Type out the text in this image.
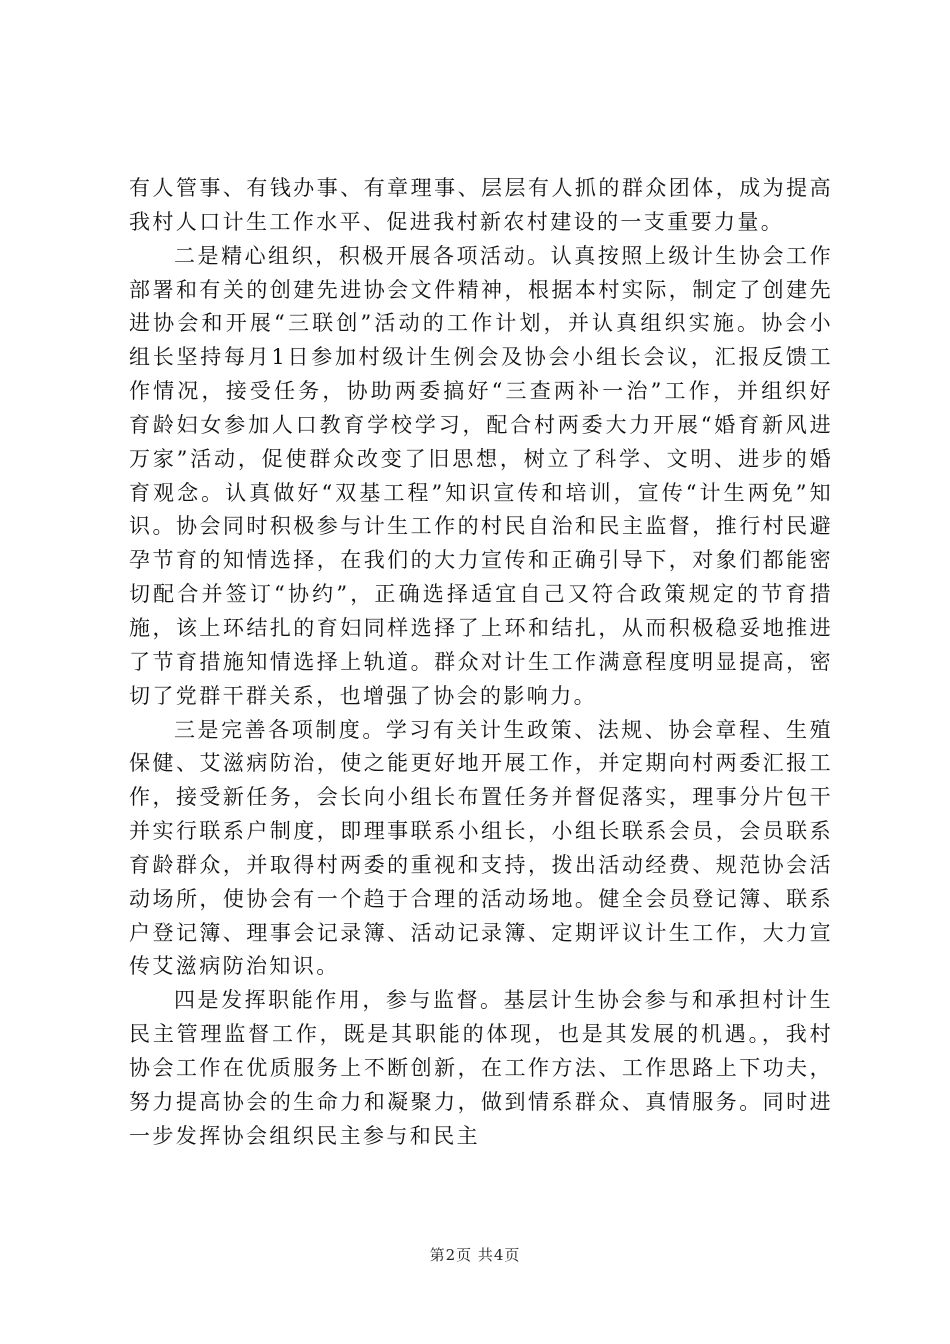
有人管事、有钱办事、有章理事、层层有人抓的群众团体，成为提高我村人口计生工作水平、促进我村新农村建设的一支重要力量。

二是精心组织，积极开展各项活动。认真按照上级计生协会工作部署和有关的创建先进协会文件精神，根据本村实际，制定了创建先进协会和开展“三联创”活动的工作计划，并认真组织实施。协会小组长坚持每月1日参加村级计生例会及协会小组长会议，汇报反馈工作情况，接受任务，协助两委搞好“三查两补一治”工作，并组织好育龄妇女参加人口教育学校学习，配合村两委大力开展“婚育新风进万家”活动，促使群众改变了旧思想，树立了科学、文明、进步的婚育观念。认真做好“双基工程”知识宣传和培训，宣传“计生两免”知识。协会同时积极参与计生工作的村民自治和民主监督，推行村民避孕节育的知情选择，在我们的大力宣传和正确引导下，对象们都能密切配合并签订“协约”，正确选择适宜自己又符合政策规定的节育措施，该上环结扎的育妇同样选择了上环和结扎，从而积极稳妥地推进了节育措施知情选择上轨道。群众对计生工作满意程度明显提高，密切了党群干群关系，也增强了协会的影响力。

三是完善各项制度。学习有关计生政策、法规、协会章程、生殖保健、艾滋病防治，使之能更好地开展工作，并定期向村两委汇报工作，接受新任务，会长向小组长布置任务并督促落实，理事分片包干并实行联系户制度，即理事联系小组长，小组长联系会员，会员联系育龄群众，并取得村两委的重视和支持，拨出活动经费、规范协会活动场所，使协会有一个趋于合理的活动场地。健全会员登记簿、联系户登记簿、理事会记录簿、活动记录簿、定期评议计生工作，大力宣传艾滋病防治知识。

四是发挥职能作用，参与监督。基层计生协会参与和承担村计生民主管理监督工作，既是其职能的体现，也是其发展的机遇。，我村协会工作在优质服务上不断创新，在工作方法、工作思路上下功夫，努力提高协会的生命力和凝聚力，做到情系群众、真情服务。同时进一步发挥协会组织民主参与和民主

第2页 共4页
